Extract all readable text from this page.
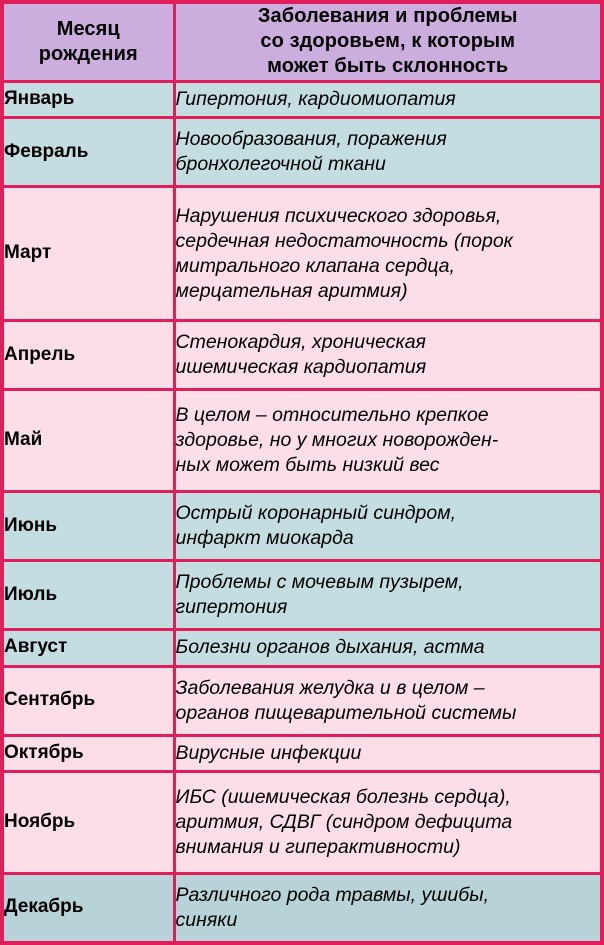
Месяц
рождения	Заболевания и проблемы
со здоровьем, к которым
может быть склонность

Январь	Гипертония, кардиомиопатия

Февраль	Новообразования, поражения
бронхолегочной ткани

Март	Нарушения психического здоровья,
сердечная недостаточность (порок
митрального клапана сердца,
мерцательная аритмия)

Апрель	Стенокардия, хроническая
ишемическая кардиопатия

Май	В целом – относительно крепкое
здоровье, но у многих новорожден-
ных может быть низкий вес

Июнь	Острый коронарный синдром,
инфаркт миокарда

Июль	Проблемы с мочевым пузырем,
гипертония

Август	Болезни органов дыхания, астма

Сентябрь	Заболевания желудка и в целом –
органов пищеварительной системы

Октябрь	Вирусные инфекции

Ноябрь	ИБС (ишемическая болезнь сердца),
аритмия, СДВГ (синдром дефицита
внимания и гиперактивности)

Декабрь	Различного рода травмы, ушибы,
синяки
